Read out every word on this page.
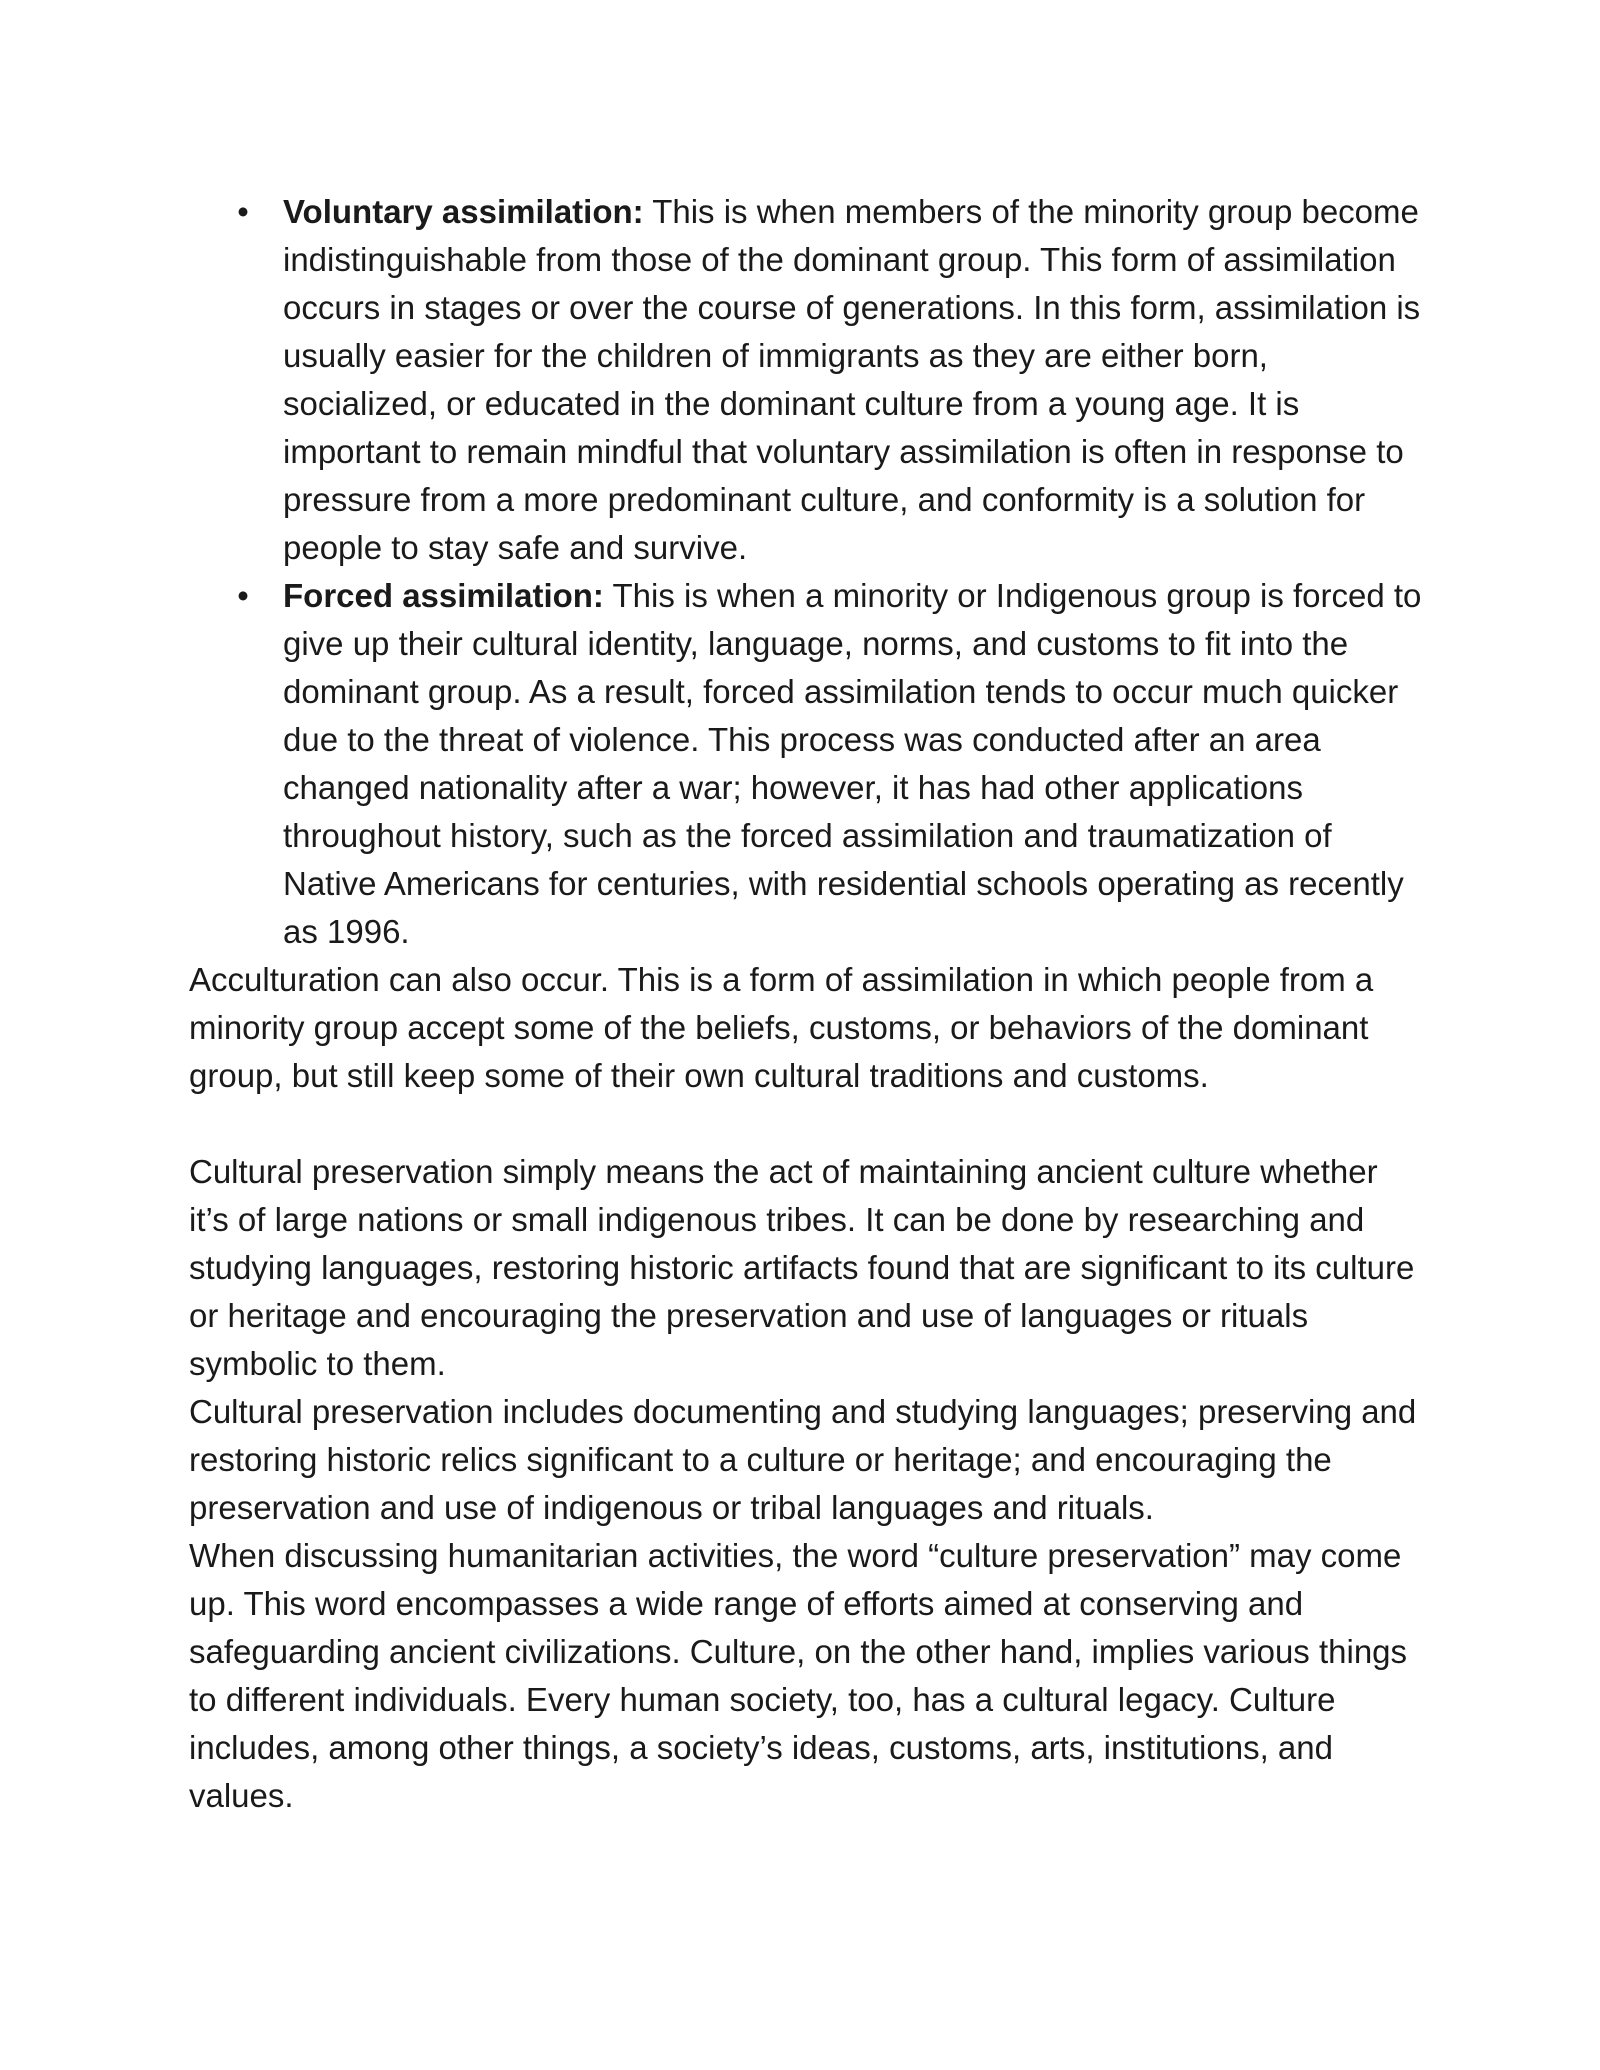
• Voluntary assimilation: This is when members of the minority group become indistinguishable from those of the dominant group. This form of assimilation occurs in stages or over the course of generations. In this form, assimilation is usually easier for the children of immigrants as they are either born, socialized, or educated in the dominant culture from a young age. It is important to remain mindful that voluntary assimilation is often in response to pressure from a more predominant culture, and conformity is a solution for people to stay safe and survive.
• Forced assimilation: This is when a minority or Indigenous group is forced to give up their cultural identity, language, norms, and customs to fit into the dominant group. As a result, forced assimilation tends to occur much quicker due to the threat of violence. This process was conducted after an area changed nationality after a war; however, it has had other applications throughout history, such as the forced assimilation and traumatization of Native Americans for centuries, with residential schools operating as recently as 1996.

Acculturation can also occur. This is a form of assimilation in which people from a minority group accept some of the beliefs, customs, or behaviors of the dominant group, but still keep some of their own cultural traditions and customs.

Cultural preservation simply means the act of maintaining ancient culture whether it’s of large nations or small indigenous tribes. It can be done by researching and studying languages, restoring historic artifacts found that are significant to its culture or heritage and encouraging the preservation and use of languages or rituals symbolic to them.

Cultural preservation includes documenting and studying languages; preserving and restoring historic relics significant to a culture or heritage; and encouraging the preservation and use of indigenous or tribal languages and rituals.

When discussing humanitarian activities, the word “culture preservation” may come up. This word encompasses a wide range of efforts aimed at conserving and safeguarding ancient civilizations. Culture, on the other hand, implies various things to different individuals. Every human society, too, has a cultural legacy. Culture includes, among other things, a society’s ideas, customs, arts, institutions, and values.
